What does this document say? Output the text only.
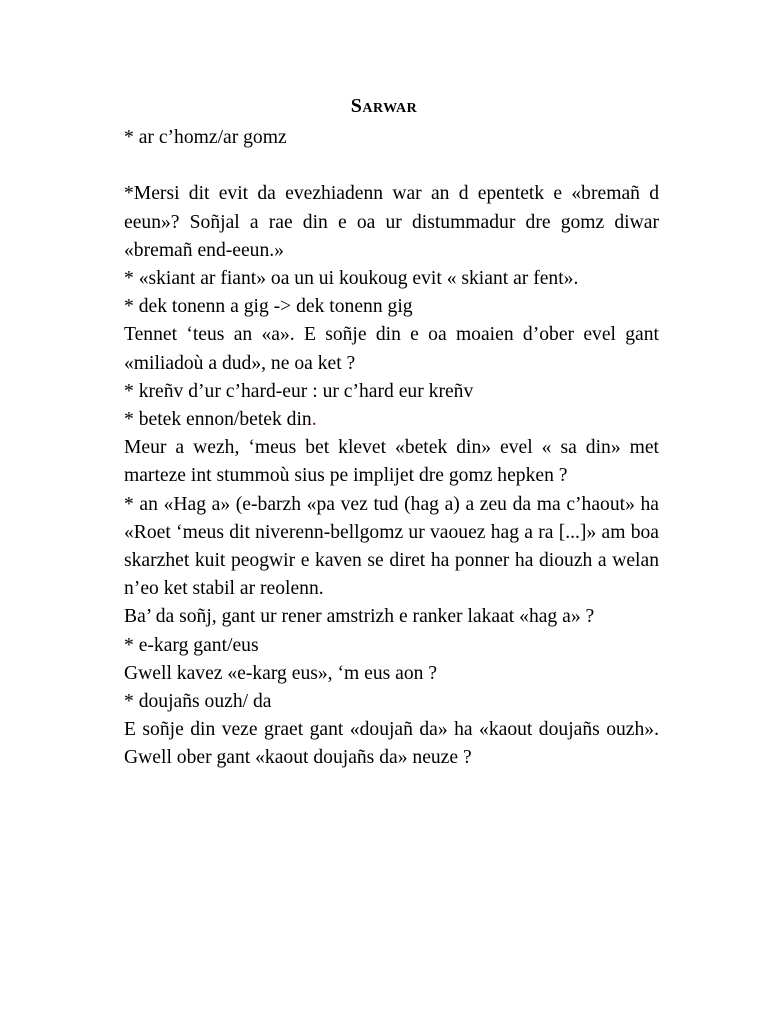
Sarwar

* ar c’homz/ar gomz

*Mersi dit evit da evezhiadenn war an d epentetk e «bremañ d eeun»? Soñjal a rae din e oa ur distummadur dre gomz diwar «bremañ end-eeun.»

* «skiant ar fiant» oa un ui koukoug evit « skiant ar fent».

* dek tonenn a gig -> dek tonenn gig

Tennet ‘teus an «a». E soñje din e oa moaien d’ober evel gant «miliadoù a dud», ne oa ket ?

* kreñv d’ur c’hard-eur : ur c’hard eur kreñv

* betek ennon/betek din.

Meur a wezh, ‘meus bet klevet «betek din» evel « sa din» met marteze int stummoù sius pe implijet dre gomz hepken ?

* an «Hag a» (e-barzh «pa vez tud (hag a) a zeu da ma c’haout» ha «Roet ‘meus dit niverenn-bellgomz ur vaouez hag a ra [...]» am boa skarzhet kuit peogwir e kaven se diret ha ponner ha diouzh a welan n’eo ket stabil ar reolenn.

Ba’ da soñj, gant ur rener amstrizh e ranker lakaat «hag a» ?

* e-karg gant/eus

Gwell kavez «e-karg eus», ‘m eus aon ?

* doujañs ouzh/ da

E soñje din veze graet gant «doujañ da» ha «kaout doujañs ouzh». Gwell ober gant «kaout doujañs da» neuze ?
